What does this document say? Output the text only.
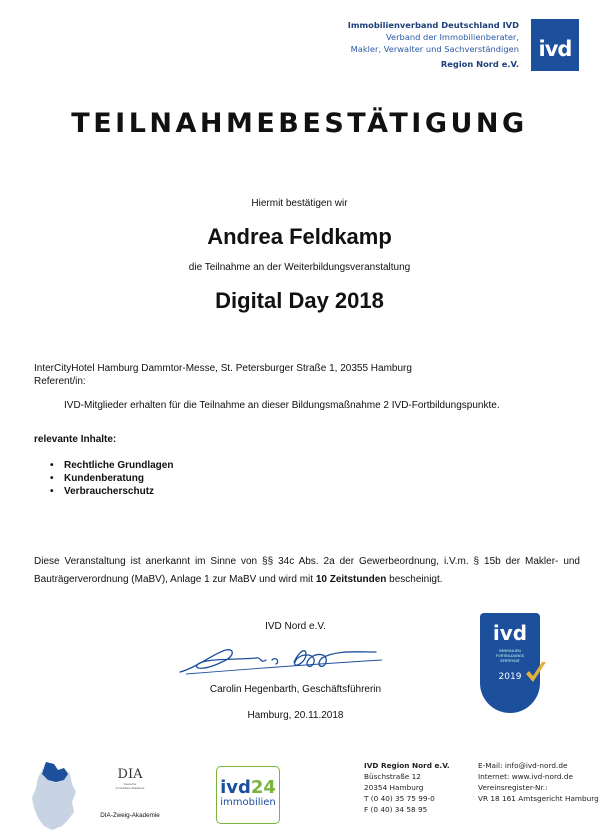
Immobilienverband Deutschland IVD
Verband der Immobilienberater,
Makler, Verwalter und Sachverständigen
Region Nord e.V.
ivd
TEILNAHMEBESTÄTIGUNG
Hiermit bestätigen wir
Andrea Feldkamp
die Teilnahme an der Weiterbildungsveranstaltung
Digital Day 2018
InterCityHotel Hamburg Dammtor-Messe, St. Petersburger Straße 1, 20355 Hamburg
Referent/in:
IVD-Mitglieder erhalten für die Teilnahme an dieser Bildungsmaßnahme 2 IVD-Fortbildungspunkte.
relevante Inhalte:
• Rechtliche Grundlagen
• Kundenberatung
• Verbraucherschutz
Diese Veranstaltung ist anerkannt im Sinne von §§ 34c Abs. 2a der Gewerbeordnung, i.V.m. § 15b der Makler- und
Bauträgerverordnung (MaBV), Anlage 1 zur MaBV und wird mit 10 Zeitstunden bescheinigt.
IVD Nord e.V.
Carolin Hegenbarth, Geschäftsführerin
Hamburg, 20.11.2018
ivd
IMMOBILIEN
FORTBILDUNGS
ZERTIFIKAT
2019
DIA
Deutsche
Immobilien-Akademie
DIA-Zweig-Akademie
ivd24
immobilien
IVD Region Nord e.V.
Büschstraße 12
20354 Hamburg
T (0 40) 35 75 99-0
F (0 40) 34 58 95
E-Mail: info@ivd-nord.de
Internet: www.ivd-nord.de
Vereinsregister-Nr.:
VR 18 161 Amtsgericht Hamburg
